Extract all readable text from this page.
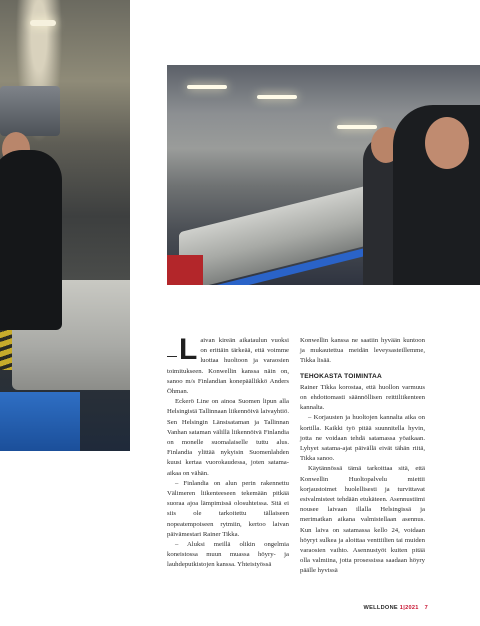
L aivan kireän aikataulun vuoksi on erittäin tärkeää, että voimme luottaa huoltoon ja varaosien toimitukseen. Konwellin kanssa näin on, sanoo m/s Finlandian konepäällikkö Anders Öhman.

Eckerö Line on ainoa Suomen lipun alla Helsingistä Tallinnaan liikennöivä laivayhtiö. Sen Helsingin Länsisataman ja Tallinnan Vanhan sataman välillä liikennöivä Finlandia on monelle suomalaiselle tuttu alus. Finlandia ylittää nykyisin Suomenlahden kuusi kertaa vuorokaudessa, joten satama-aikaa on vähän.

– Finlandia on alun perin rakennettu Välimeren liikenteeseen tekemään pitkää suoraa ajoa lämpimissä olosuhteissa. Sitä ei siis ole tarkoitettu tällaiseen nopeatempoiseen rytmiin, kertoo laivan päivämestari Rainer Tikka.

– Aluksi meillä olikin ongelmia koneistossa muun muassa höyry- ja lauhdeputkistojen kanssa. Yhteistyössä

Konwellin kanssa ne saatiin hyvään kuntoon ja mukautettua meidän leveysasteillemme, Tikka lisää.

TEHOKASTA TOIMINTAA

Rainer Tikka korostaa, että huollon varmuus on ehdottomasti säännöllisen reittiliikenteen kannalta.

– Korjausten ja huoltojen kannalta aika on kortilla. Kaikki työ pitää suunnitella hyvin, jotta ne voidaan tehdä satamassa yöaikaan. Lyhyet satama-ajat päivällä eivät tähän riitä, Tikka sanoo.

Käytännössä tämä tarkoittaa sitä, että Konwellin Huoltopalvelu miettii korjaustoimet huolellisesti ja turvittavat esivalmisteet tehdään etukäteen. Asennustiimi nousee laivaan illalla Helsingissä ja merimatkan aikana valmistellaan asennus. Kun laiva on satamassa kello 24, voidaan höyryt sulkea ja aloittaa venttiilien tai muiden varaosien vaihto. Asennustyöt kuiten pitää olla valmiina, jotta prosessissa saadaan höyry päälle hyvissä

WELLDONE 1|2021 7
